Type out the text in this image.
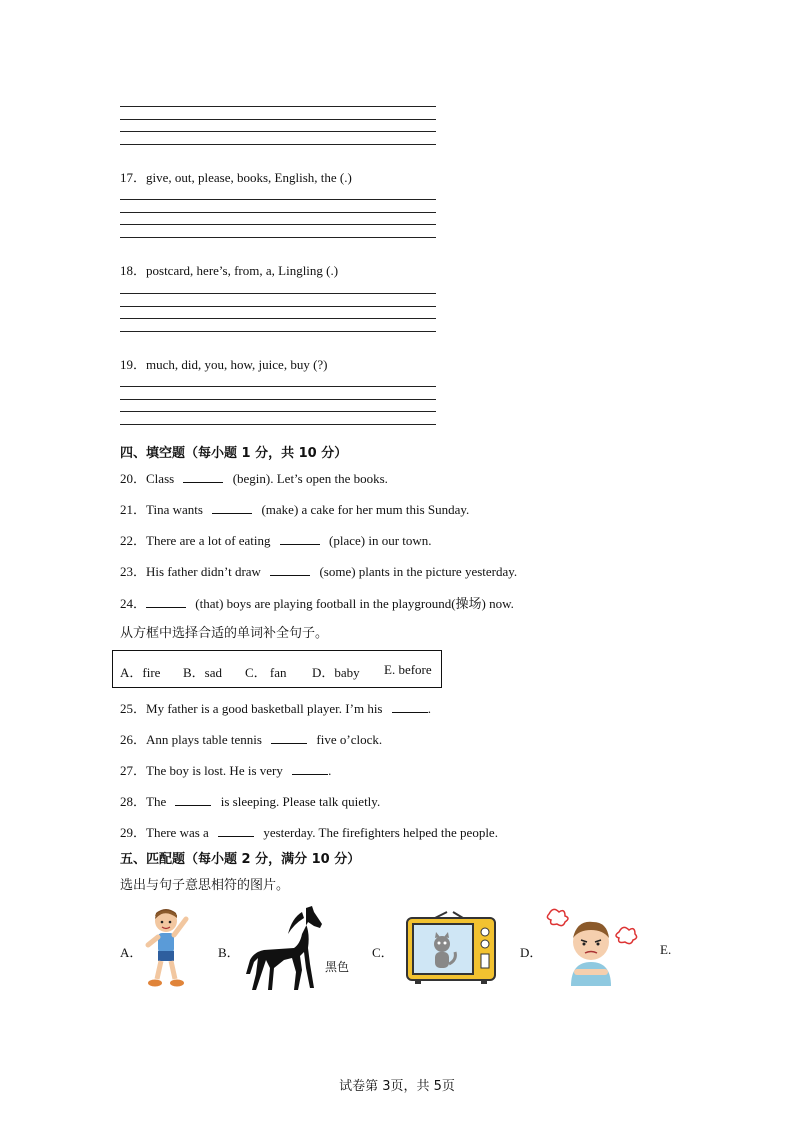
17．give, out, please, books, English, the (.)
18．postcard, here’s, from, a, Lingling (.)
19．much, did, you, how, juice, buy (?)
四、填空题（每小题 1 分，共 10 分）
20．Class	(begin). Let’s open the books.
21．Tina wants	(make) a cake for her mum this Sunday.
22．There are a lot of eating	(place) in our town.
23．His father didn’t draw	(some) plants in the picture yesterday.
24．	(that) boys are playing football in the playground(操场) now.
从方框中选择合适的单词补全句子。
A．fire B．sad C． fan D．baby E. before
25．My father is a good basketball player. I’m his	.
26．Ann plays table tennis	five o’clock.
27．The boy is lost. He is very	.
28．The	is sleeping. Please talk quietly.
29．There was a	yesterday. The firefighters helped the people.
五、匹配题（每小题 2 分，满分 10 分）
选出与句子意思相符的图片。
A．	B．	C．	D．	E.
黑色
试卷第 3页，共 5页
